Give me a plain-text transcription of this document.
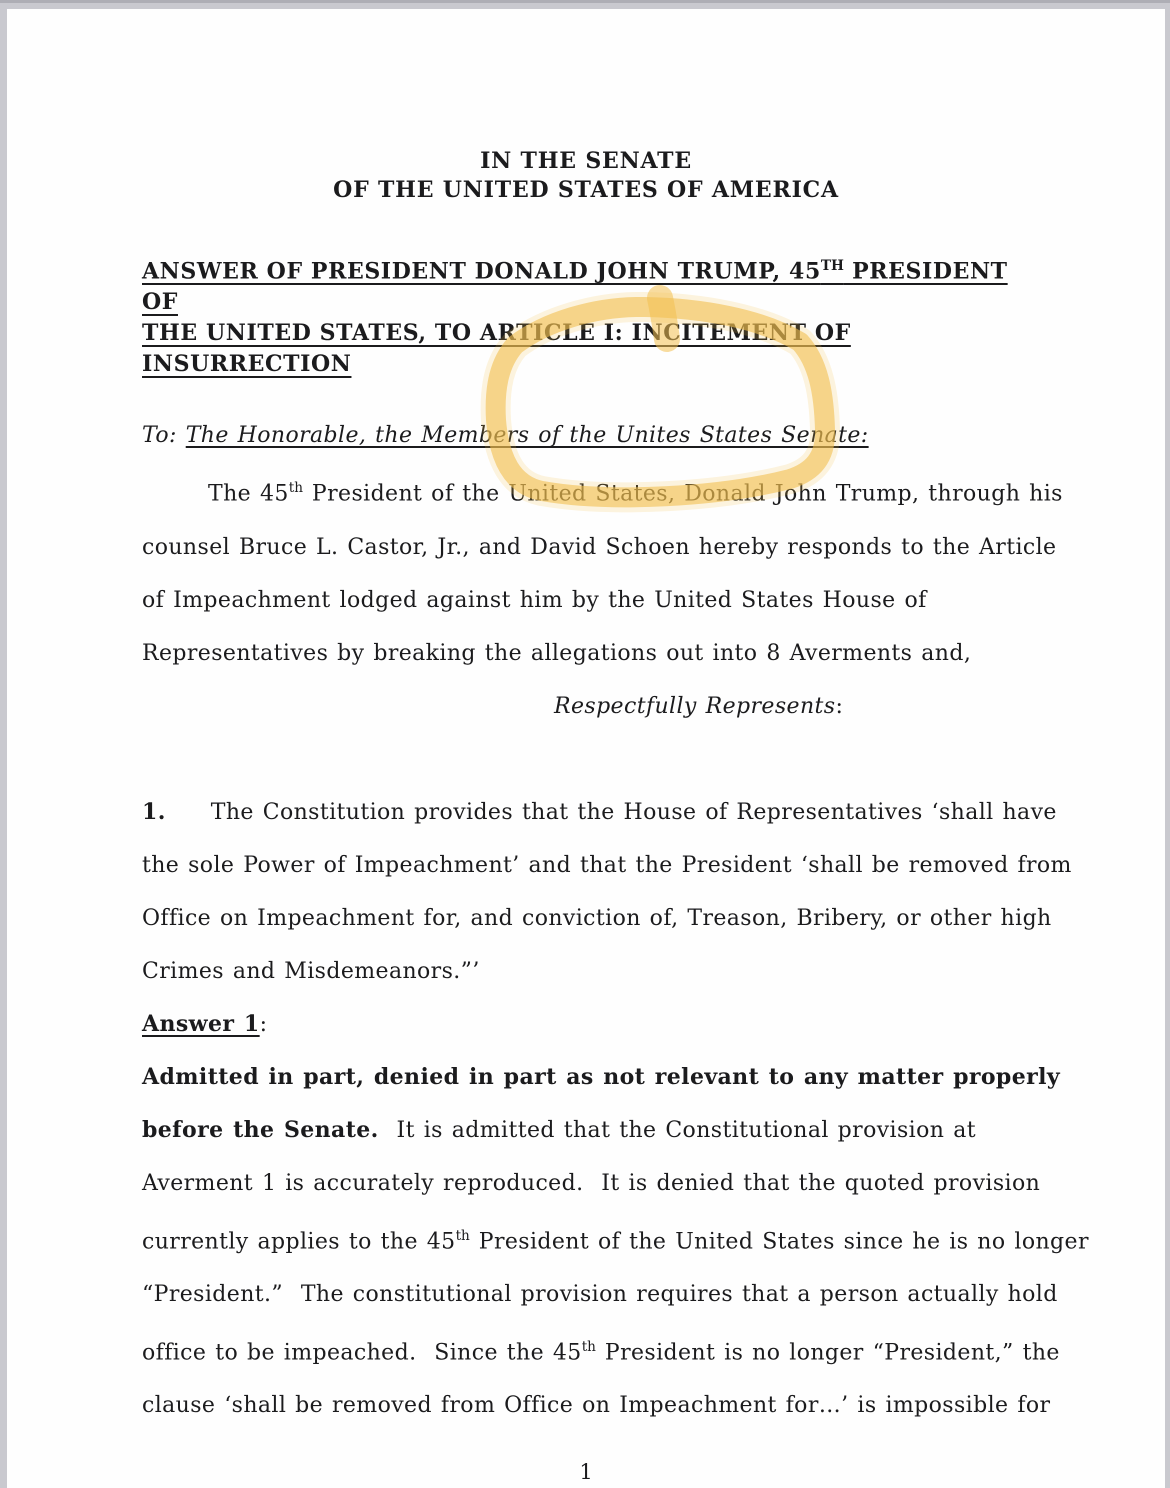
IN THE SENATE
OF THE UNITED STATES OF AMERICA
ANSWER OF PRESIDENT DONALD JOHN TRUMP, 45TH PRESIDENT OF
THE UNITED STATES, TO ARTICLE I: INCITEMENT OF INSURRECTION
To: The Honorable, the Members of the Unites States Senate:
The 45th President of the United States, Donald John Trump, through his
counsel Bruce L. Castor, Jr., and David Schoen hereby responds to the Article
of Impeachment lodged against him by the United States House of
Representatives by breaking the allegations out into 8 Averments and,
Respectfully Represents:
1. The Constitution provides that the House of Representatives ‘shall have
the sole Power of Impeachment’ and that the President ‘shall be removed from
Office on Impeachment for, and conviction of, Treason, Bribery, or other high
Crimes and Misdemeanors.”’
Answer 1:
Admitted in part, denied in part as not relevant to any matter properly
before the Senate.  It is admitted that the Constitutional provision at
Averment 1 is accurately reproduced.  It is denied that the quoted provision
currently applies to the 45th President of the United States since he is no longer
“President.”  The constitutional provision requires that a person actually hold
office to be impeached.  Since the 45th President is no longer “President,” the
clause ‘shall be removed from Office on Impeachment for…’ is impossible for
1
